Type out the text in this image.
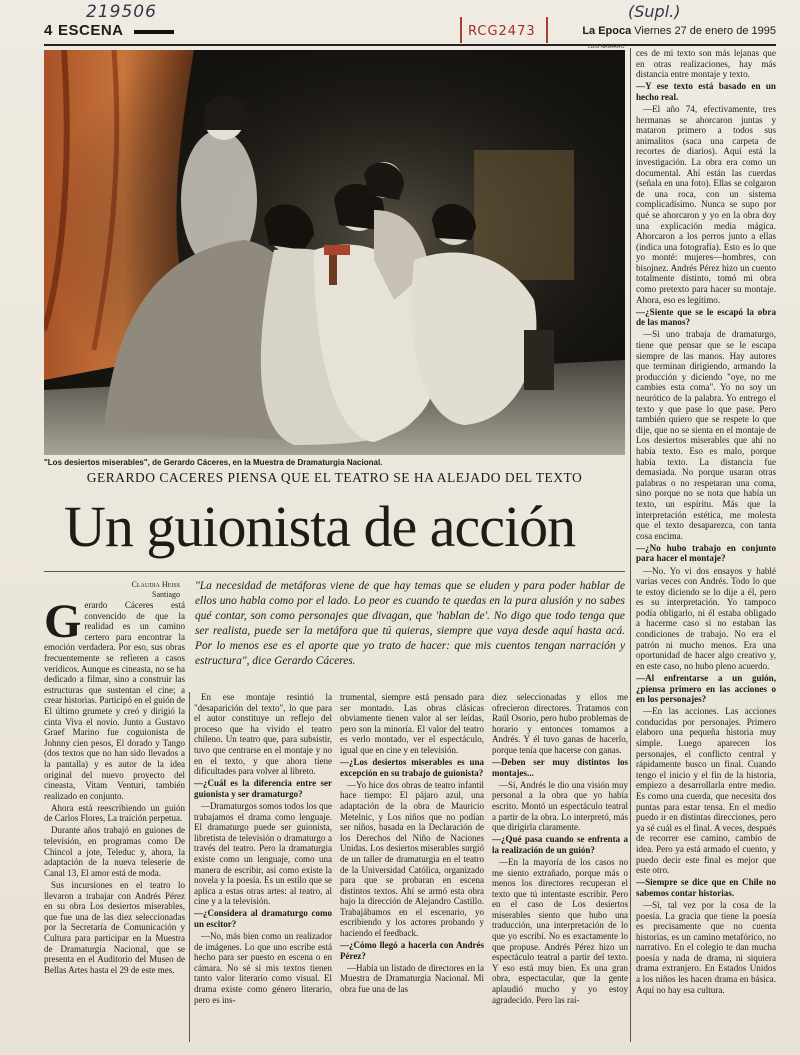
219506	(Supl.)
RCG2473
4 ESCENA	La Epoca Viernes 27 de enero de 1995
LUIS NAVARRO
"Los desiertos miserables", de Gerardo Cáceres, en la Muestra de Dramaturgia Nacional.
GERARDO CACERES PIENSA QUE EL TEATRO SE HA ALEJADO DEL TEXTO
Un guionista de acción
Claudia Heiss
Santiago
"La necesidad de metáforas viene de que hay temas que se eluden y para poder hablar de ellos uno habla como por el lado. Lo peor es cuando te quedas en la pura alusión y no sabes qué contar, son como personajes que divagan, que 'hablan de'. No digo que todo tenga que ser realista, puede ser la metáfora que tú quieras, siempre que vaya desde aquí hasta acá. Por lo menos ese es el aporte que yo trato de hacer: que mis cuentos tengan narración y estructura", dice Gerardo Cáceres.
G erardo Cáceres está convencido de que la realidad es un camino certero para encontrar la emoción verdadera. Por eso, sus obras frecuentemente se refieren a casos verídicos. Aunque es cineasta, no se ha dedicado a filmar, sino a construir las estructuras que sustentan el cine; a crear historias. Participó en el guión de El último grumete y creó y dirigió la cinta Viva el novio. Junto a Gustavo Graef Marino fue coguionista de Johnny cien pesos, El dorado y Tango (dos textos que no han sido llevados a la pantalla) y es autor de la idea original del nuevo proyecto del cineasta, Vitam Venturi, también realizado en conjunto.

Ahora está reescribiendo un guión de Carlos Flores, La traición perpetua.

Durante años trabajó en guiones de televisión, en programas como De Chincol a jote, Teleduc y, ahora, la adaptación de la nueva teleserie de Canal 13, El amor está de moda.

Sus incursiones en el teatro lo llevaron a trabajar con Andrés Pérez en su obra Los desiertos miserables, que fue una de las diez seleccionadas por la Secretaría de Comunicación y Cultura para participar en la Muestra de Dramaturgia Nacional, que se presenta en el Auditorio del Museo de Bellas Artes hasta el 29 de este mes.

En ese montaje resintió la "desaparición del texto", lo que para el autor constituye un reflejo del proceso que ha vivido el teatro chileno. Un teatro que, para subsistir, tuvo que centrarse en el montaje y no en el texto, y que ahora tiene dificultades para volver al libreto.

—¿Cuál es la diferencia entre ser guionista y ser dramaturgo?

—Dramaturgos somos todos los que trabajamos el drama como lenguaje. El dramaturgo puede ser guionista, libretista de televisión o dramaturgo a través del teatro. Pero la dramaturgia existe como un lenguaje, como una manera de escribir, así como existe la novela y la poesía. Es un estilo que se aplica a estas otras artes: al teatro, al cine y a la televisión.

—¿Considera al dramaturgo como un escitor?

—No, más bien como un realizador de imágenes. Lo que uno escribe está hecho para ser puesto en escena o en cámara. No sé si mis textos tienen tanto valor literario como visual. El drama existe como género literario, pero es ins-

trumental, siempre está pensado para ser montado. Las obras clásicas obviamente tienen valor al ser leídas, pero son la minoría. El valor del teatro es verlo montado, ver el espectáculo, igual que en cine y en televisión.

—¿Los desiertos miserables es una excepción en su trabajo de guionista?

—Yo hice dos obras de teatro infantil hace tiempo: El pájaro azul, una adaptación de la obra de Mauricio Metelnic, y Los niños que no podían ser niños, basada en la Declaración de los Derechos del Niño de Naciones Unidas. Los desiertos miserables surgió de un taller de dramaturgia en el teatro de la Universidad Católica, organizado para que se probaran en escena distintos textos. Ahí se armó esta obra bajo la dirección de Alejandro Castillo. Trabajábamos en el escenario, yo escribiendo y los actores probando y haciendo el feedback.

—¿Cómo llegó a hacerla con Andrés Pérez?

—Había un listado de directores en la Muestra de Dramaturgia Nacional. Mi obra fue una de las

diez seleccionadas y ellos me ofrecieron directores. Tratamos con Raúl Osorio, pero hubo problemas de horario y entonces tomamos a Andrés. Y él tuvo ganas de hacerlo, porque tenía que hacerse con ganas.

—Deben ser muy distintos los montajes...

—Sí, Andrés le dio una visión muy personal a la obra que yo había escrito. Montó un espectáculo teatral a partir de la obra. Lo interpretó, más que dirigirla claramente.

—¿Qué pasa cuando se enfrenta a la realización de un guión?

—En la mayoría de los casos no me siento extrañado, porque más o menos los directores recuperan el texto que tú intentaste escribir. Pero en el caso de Los desiertos miserables siento que hubo una traducción, una interpretación de lo que yo escribí. No es exactamente lo que propuse. Andrés Pérez hizo un espectáculo teatral a partir del texto. Y eso está muy bien. Es una gran obra, espectacular, que la gente aplaudió mucho y yo estoy agradecido. Pero las raí-

ces de mi texto son más lejanas que en otras realizaciones, hay más distancia entre montaje y texto.

—Y ese texto está basado en un hecho real.

—El año 74, efectivamente, tres hermanas se ahorcaron juntas y mataron primero a todos sus animalitos (saca una carpeta de recortes de diarios). Aquí está la investigación. La obra era como un documental. Ahí están las cuerdas (señala en una foto). Ellas se colgaron de una roca, con un sistema complicadísimo. Nunca se supo por qué se ahorcaron y yo en la obra doy una explicación media mágica. Ahorcaron a los perros junto a ellas (indica una fotografía). Esto es lo que yo monté: mujeres—hombres, con bisojnez. Andrés Pérez hizo un cuento totalmente distinto, tomó mi obra como pretexto para hacer su montaje. Ahora, eso es legítimo.

—¿Siente que se le escapó la obra de las manos?

—Si uno trabaja de dramaturgo, tiene que pensar que se le escapa siempre de las manos. Hay autores que terminan dirigiendo, armando la producción y diciendo "oye, no me cambies esta coma". Yo no soy un neurótico de la palabra. Yo entrego el texto y que pase lo que pase. Pero también quiero que se respete lo que dije, que no se sienta en el montaje de Los desiertos miserables que ahí no había texto. Eso es malo, porque había texto. La distancia fue demasiada. No porque usaran otras palabras o no respetaran una coma, sino porque no se nota que había un texto, un espíritu. Más que la interpretación estética, me molesta que el texto desaparezca, con tanta cosa encima.

—¿No hubo trabajo en conjunto para hacer el montaje?

—No. Yo vi dos ensayos y hablé varias veces con Andrés. Todo lo que te estoy diciendo se lo dije a él, pero es su interpretación. Yo tampoco podía obligarlo, ni él estaba obligado a hacerme caso si no estaban las condiciones de trabajo. No era el patrón ni mucho menos. Era una oportunidad de hacer algo creativo y, en este caso, no hubo pleno acuerdo.

—Al enfrentarse a un guión, ¿piensa primero en las acciones o en los personajes?

—En las acciones. Las acciones conducidas por personajes. Primero elaboro una pequeña historia muy simple. Luego aparecen los personajes, el conflicto central y rápidamente busco un final. Cuando tengo el inicio y el fin de la historia, empiezo a desarrollarla entre medio. Es como una cuerda, que necesita dos puntas para estar tensa. En el medio puedo ir en distintas direcciones, pero ya sé cuál es el final. A veces, después de recorrer ese camino, cambio de idea. Pero ya está armado el cuento, y puedo decir este final es mejor que este otro.

—Siempre se dice que en Chile no sabemos contar historias.

—Sí, tal vez por la cosa de la poesía. La gracia que tiene la poesía es precisamente que no cuenta historias, es un camino metafórico, no narrativo. En el colegio te dan mucha poesía y nada de drama, ni siquiera drama extranjero. En Estados Unidos a los niños les hacen drama en básica. Aquí no hay esa cultura.
